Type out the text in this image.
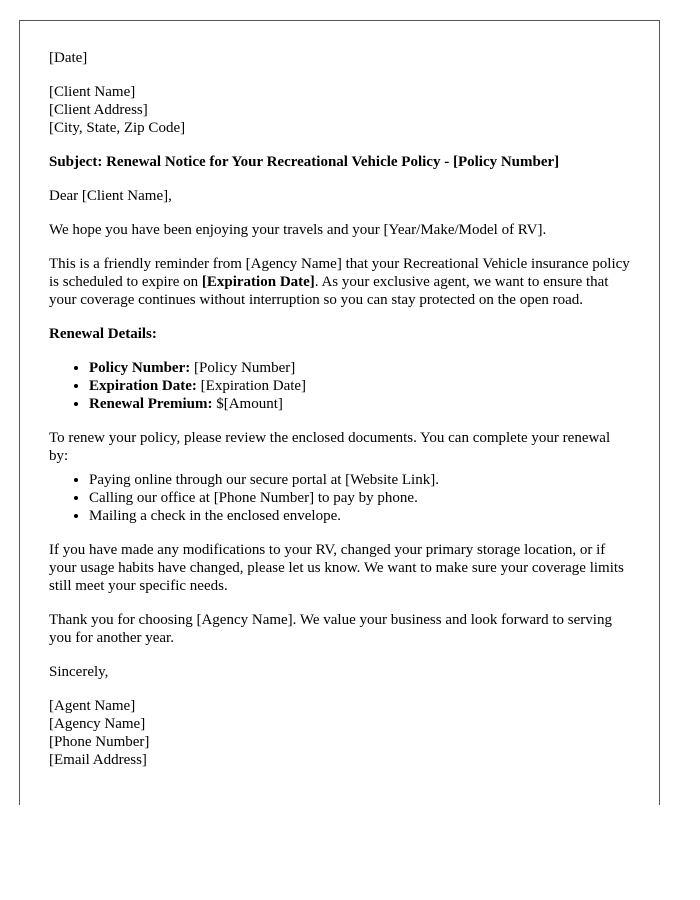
[Date]

[Client Name]
[Client Address]
[City, State, Zip Code]

Subject: Renewal Notice for Your Recreational Vehicle Policy - [Policy Number]

Dear [Client Name],

We hope you have been enjoying your travels and your [Year/Make/Model of RV].

This is a friendly reminder from [Agency Name] that your Recreational Vehicle insurance policy is scheduled to expire on [Expiration Date]. As your exclusive agent, we want to ensure that your coverage continues without interruption so you can stay protected on the open road.

Renewal Details:

• Policy Number: [Policy Number]
• Expiration Date: [Expiration Date]
• Renewal Premium: $[Amount]

To renew your policy, please review the enclosed documents. You can complete your renewal by:

• Paying online through our secure portal at [Website Link].
• Calling our office at [Phone Number] to pay by phone.
• Mailing a check in the enclosed envelope.

If you have made any modifications to your RV, changed your primary storage location, or if your usage habits have changed, please let us know. We want to make sure your coverage limits still meet your specific needs.

Thank you for choosing [Agency Name]. We value your business and look forward to serving you for another year.

Sincerely,

[Agent Name]
[Agency Name]
[Phone Number]
[Email Address]
